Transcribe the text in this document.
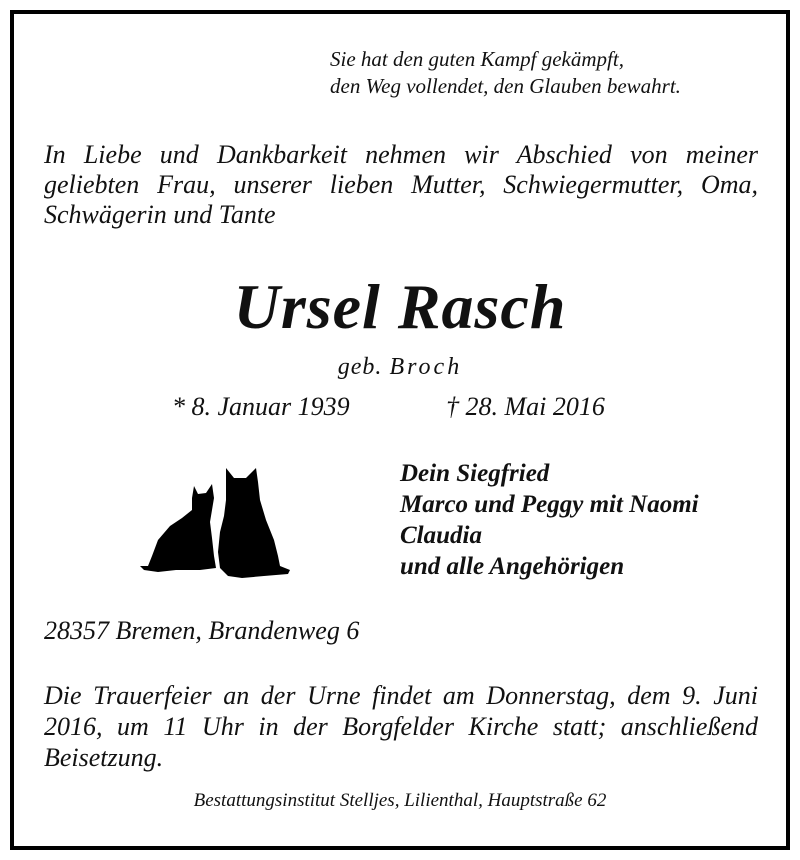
Sie hat den guten Kampf gekämpft,
den Weg vollendet, den Glauben bewahrt.
In Liebe und Dankbarkeit nehmen wir Abschied von meiner geliebten Frau, unserer lieben Mutter, Schwiegermutter, Oma, Schwägerin und Tante
Ursel Rasch
geb. Broch
* 8. Januar 1939	† 28. Mai 2016
Dein Siegfried
Marco und Peggy mit Naomi
Claudia
und alle Angehörigen
28357 Bremen, Brandenweg 6
Die Trauerfeier an der Urne findet am Donnerstag, dem 9. Juni 2016, um 11 Uhr in der Borgfelder Kirche statt; anschließend Beisetzung.
Bestattungsinstitut Stelljes, Lilienthal, Hauptstraße 62
